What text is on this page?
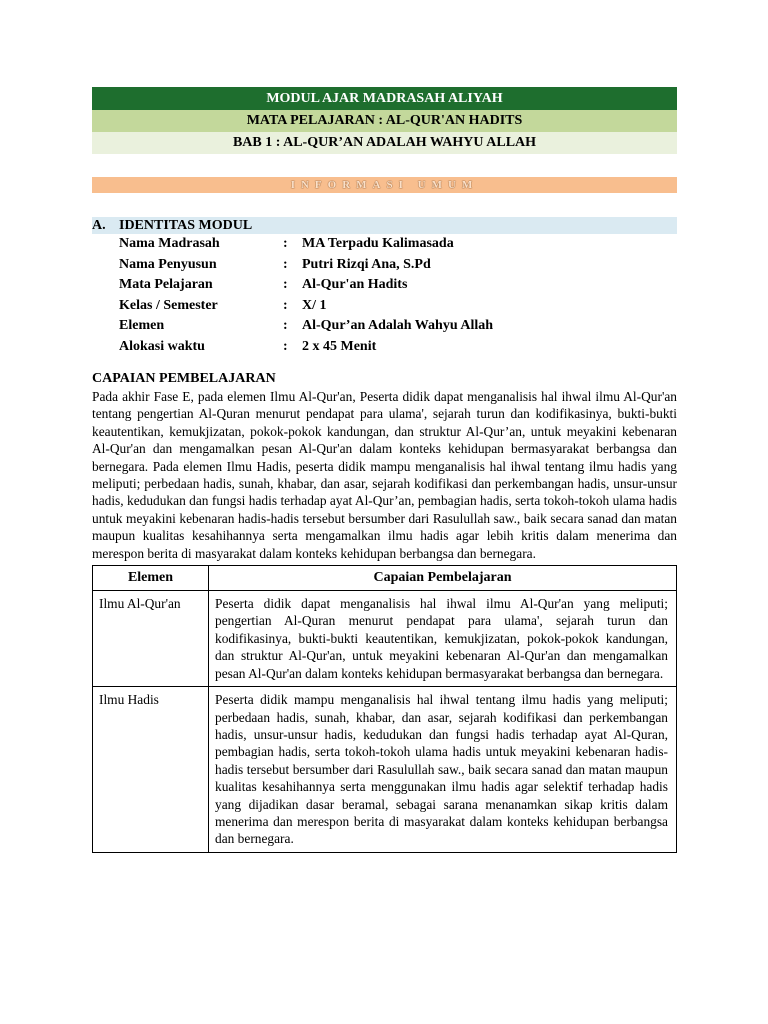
MODUL AJAR MADRASAH ALIYAH
MATA PELAJARAN : AL-QUR'AN HADITS
BAB 1 : AL-QUR’AN ADALAH WAHYU ALLAH
INFORMASI UMUM
A. IDENTITAS MODUL
Nama Madrasah	:	MA Terpadu Kalimasada
Nama Penyusun	:	Putri Rizqi Ana, S.Pd
Mata Pelajaran	:	Al-Qur'an Hadits
Kelas / Semester	:	X/ 1
Elemen	:	Al-Qur’an Adalah Wahyu Allah
Alokasi waktu	:	2 x 45 Menit
CAPAIAN PEMBELAJARAN

Pada akhir Fase E, pada elemen Ilmu Al-Qur'an, Peserta didik dapat menganalisis hal ihwal ilmu Al-Qur'an tentang pengertian Al-Quran menurut pendapat para ulama', sejarah turun dan kodifikasinya, bukti-bukti keautentikan, kemukjizatan, pokok-pokok kandungan, dan struktur Al-Qur’an, untuk meyakini kebenaran Al-Qur'an dan mengamalkan pesan Al-Qur'an dalam konteks kehidupan bermasyarakat berbangsa dan bernegara. Pada elemen Ilmu Hadis, peserta didik mampu menganalisis hal ihwal tentang ilmu hadis yang meliputi; perbedaan hadis, sunah, khabar, dan asar, sejarah kodifikasi dan perkembangan hadis, unsur-unsur hadis, kedudukan dan fungsi hadis terhadap ayat Al-Qur’an, pembagian hadis, serta tokoh-tokoh ulama hadis untuk meyakini kebenaran hadis-hadis tersebut bersumber dari Rasulullah saw., baik secara sanad dan matan maupun kualitas kesahihannya serta mengamalkan ilmu hadis agar lebih kritis dalam menerima dan merespon berita di masyarakat dalam konteks kehidupan berbangsa dan bernegara.

Elemen	Capaian Pembelajaran
Ilmu Al-Qur'an	Peserta didik dapat menganalisis hal ihwal ilmu Al-Qur'an yang meliputi; pengertian Al-Quran menurut pendapat para ulama', sejarah turun dan kodifikasinya, bukti-bukti keautentikan, kemukjizatan, pokok-pokok kandungan, dan struktur Al-Qur'an, untuk meyakini kebenaran Al-Qur'an dan mengamalkan pesan Al-Qur'an dalam konteks kehidupan bermasyarakat berbangsa dan bernegara.
Ilmu Hadis	Peserta didik mampu menganalisis hal ihwal tentang ilmu hadis yang meliputi; perbedaan hadis, sunah, khabar, dan asar, sejarah kodifikasi dan perkembangan hadis, unsur-unsur hadis, kedudukan dan fungsi hadis terhadap ayat Al-Quran, pembagian hadis, serta tokoh-tokoh ulama hadis untuk meyakini kebenaran hadis-hadis tersebut bersumber dari Rasulullah saw., baik secara sanad dan matan maupun kualitas kesahihannya serta menggunakan ilmu hadis agar selektif terhadap hadis yang dijadikan dasar beramal, sebagai sarana menanamkan sikap kritis dalam menerima dan merespon berita di masyarakat dalam konteks kehidupan berbangsa dan bernegara.
